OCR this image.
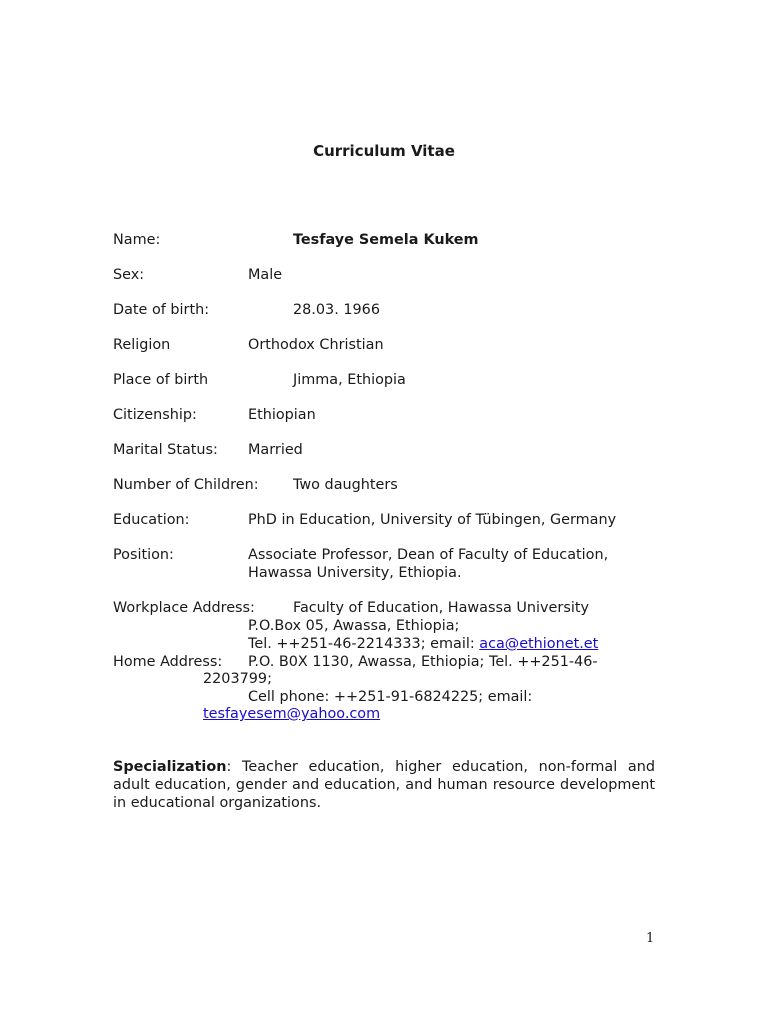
Curriculum Vitae
Name:	Tesfaye Semela Kukem
Sex:	Male
Date of birth:	28.03. 1966
Religion	Orthodox Christian
Place of birth	Jimma, Ethiopia
Citizenship:	Ethiopian
Marital Status: Married
Number of Children: Two daughters
Education:	PhD in Education, University of Tübingen, Germany
Position:	Associate Professor, Dean of Faculty of Education,
Hawassa University, Ethiopia.
Workplace Address:	Faculty of Education, Hawassa University
P.O.Box 05, Awassa, Ethiopia;
Tel. ++251-46-2214333; email: aca@ethionet.et
Home Address: P.O. B0X 1130, Awassa, Ethiopia; Tel. ++251-46-
2203799;
Cell phone: ++251-91-6824225; email:
tesfayesem@yahoo.com
Specialization: Teacher education, higher education, non-formal and adult education, gender and education, and human resource development in educational organizations.
1
